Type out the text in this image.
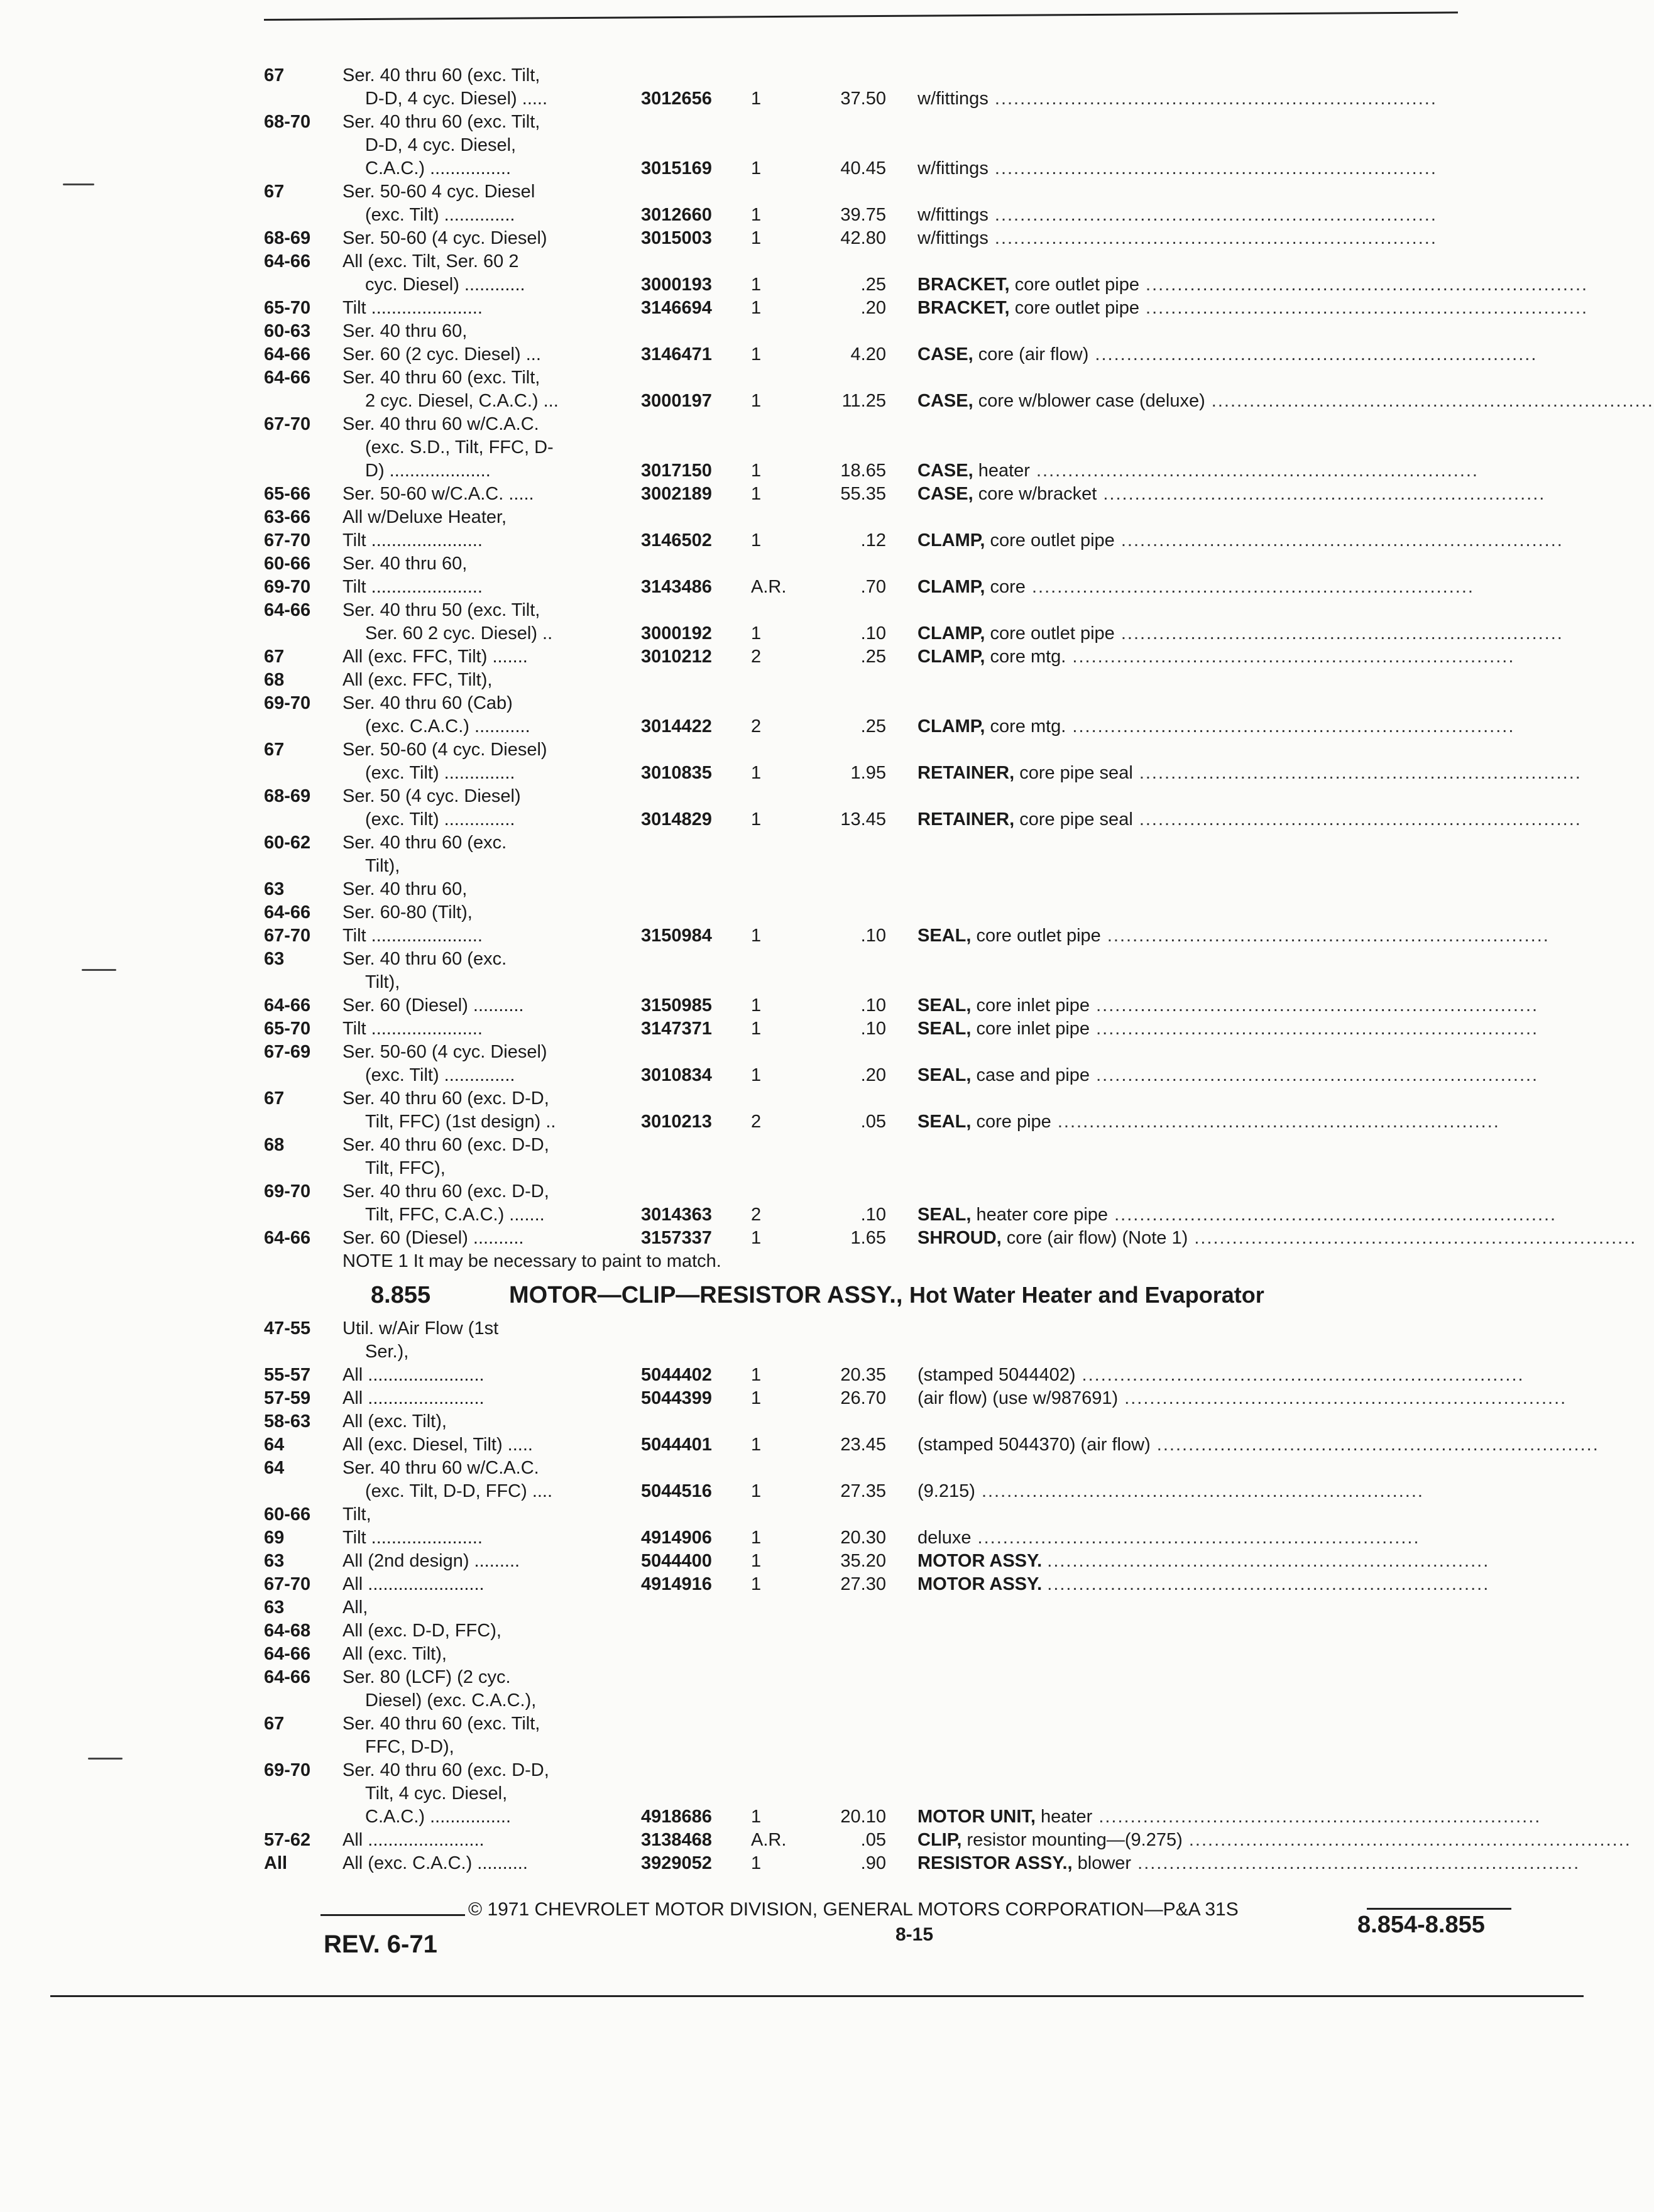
67	Ser. 40 thru 60 (exc. Tilt,
D-D, 4 cyc. Diesel) .....	3012656	1	37.50 w/fittings ......................................................................
68-70 Ser. 40 thru 60 (exc. Tilt,
D-D, 4 cyc. Diesel,
C.A.C.) ................	3015169	1	40.45 w/fittings ......................................................................
67	Ser. 50-60 4 cyc. Diesel
(exc. Tilt) ..............	3012660	1	39.75 w/fittings ......................................................................
68-69 Ser. 50-60 (4 cyc. Diesel)	3015003	1	42.80 w/fittings ......................................................................
64-66 All (exc. Tilt, Ser. 60 2
cyc. Diesel) ............	3000193	1	.25 BRACKET, core outlet pipe ......................................................................
65-70 Tilt ......................	3146694	1	.20 BRACKET, core outlet pipe ......................................................................
60-63 Ser. 40 thru 60,
64-66 Ser. 60 (2 cyc. Diesel) ...	3146471	1	4.20 CASE, core (air flow) ......................................................................
64-66 Ser. 40 thru 60 (exc. Tilt,
2 cyc. Diesel, C.A.C.) ...	3000197	1	11.25 CASE, core w/blower case (deluxe) ......................................................................
67-70 Ser. 40 thru 60 w/C.A.C.
(exc. S.D., Tilt, FFC, D-
D) ....................	3017150	1	18.65 CASE, heater ......................................................................
65-66 Ser. 50-60 w/C.A.C. .....	3002189	1	55.35 CASE, core w/bracket ......................................................................
63-66 All w/Deluxe Heater,
67-70 Tilt ......................	3146502	1	.12 CLAMP, core outlet pipe ......................................................................
60-66 Ser. 40 thru 60,
69-70 Tilt ......................	3143486	A.R.	.70 CLAMP, core ......................................................................
64-66 Ser. 40 thru 50 (exc. Tilt,
Ser. 60 2 cyc. Diesel) ..	3000192	1	.10 CLAMP, core outlet pipe ......................................................................
67	All (exc. FFC, Tilt) .......	3010212	2	.25 CLAMP, core mtg. ......................................................................
68	All (exc. FFC, Tilt),
69-70 Ser. 40 thru 60 (Cab)
(exc. C.A.C.) ...........	3014422	2	.25 CLAMP, core mtg. ......................................................................
67	Ser. 50-60 (4 cyc. Diesel)
(exc. Tilt) ..............	3010835	1	1.95 RETAINER, core pipe seal ......................................................................
68-69 Ser. 50 (4 cyc. Diesel)
(exc. Tilt) ..............	3014829	1	13.45 RETAINER, core pipe seal ......................................................................
60-62 Ser. 40 thru 60 (exc.
Tilt),
63	Ser. 40 thru 60,
64-66 Ser. 60-80 (Tilt),
67-70 Tilt ......................	3150984	1	.10 SEAL, core outlet pipe ......................................................................
63	Ser. 40 thru 60 (exc.
Tilt),
64-66 Ser. 60 (Diesel) ..........	3150985	1	.10 SEAL, core inlet pipe ......................................................................
65-70 Tilt ......................	3147371	1	.10 SEAL, core inlet pipe ......................................................................
67-69 Ser. 50-60 (4 cyc. Diesel)
(exc. Tilt) ..............	3010834	1	.20 SEAL, case and pipe ......................................................................
67	Ser. 40 thru 60 (exc. D-D,
Tilt, FFC) (1st design) ..	3010213	2	.05 SEAL, core pipe ......................................................................
68	Ser. 40 thru 60 (exc. D-D,
Tilt, FFC),
69-70 Ser. 40 thru 60 (exc. D-D,
Tilt, FFC, C.A.C.) .......	3014363	2	.10 SEAL, heater core pipe ......................................................................
64-66 Ser. 60 (Diesel) ..........	3157337	1	1.65 SHROUD, core (air flow) (Note 1) ......................................................................
NOTE 1 It may be necessary to paint to match.
8.855	MOTOR—CLIP—RESISTOR ASSY., Hot Water Heater and Evaporator
47-55 Util. w/Air Flow (1st
Ser.),
55-57 All .......................	5044402	1	20.35 (stamped 5044402) ......................................................................
57-59 All .......................	5044399	1	26.70 (air flow) (use w/987691) ......................................................................
58-63 All (exc. Tilt),
64	All (exc. Diesel, Tilt) .....	5044401	1	23.45 (stamped 5044370) (air flow) ......................................................................
64	Ser. 40 thru 60 w/C.A.C.
(exc. Tilt, D-D, FFC) ....	5044516	1	27.35 (9.215) ......................................................................
60-66 Tilt,
69	Tilt ......................	4914906	1	20.30 deluxe ......................................................................
63	All (2nd design) .........	5044400	1	35.20 MOTOR ASSY. ......................................................................
67-70 All .......................	4914916	1	27.30 MOTOR ASSY. ......................................................................
63	All,
64-68 All (exc. D-D, FFC),
64-66 All (exc. Tilt),
64-66 Ser. 80 (LCF) (2 cyc.
Diesel) (exc. C.A.C.),
67	Ser. 40 thru 60 (exc. Tilt,
FFC, D-D),
69-70 Ser. 40 thru 60 (exc. D-D,
Tilt, 4 cyc. Diesel,
C.A.C.) ................	4918686	1	20.10 MOTOR UNIT, heater ......................................................................
57-62 All .......................	3138468	A.R.	.05 CLIP, resistor mounting—(9.275) ......................................................................
All	All (exc. C.A.C.) ..........	3929052	1	.90 RESISTOR ASSY., blower ......................................................................
© 1971 CHEVROLET MOTOR DIVISION, GENERAL MOTORS CORPORATION—P&A 31S
8.854-8.855
8-15
REV. 6-71
